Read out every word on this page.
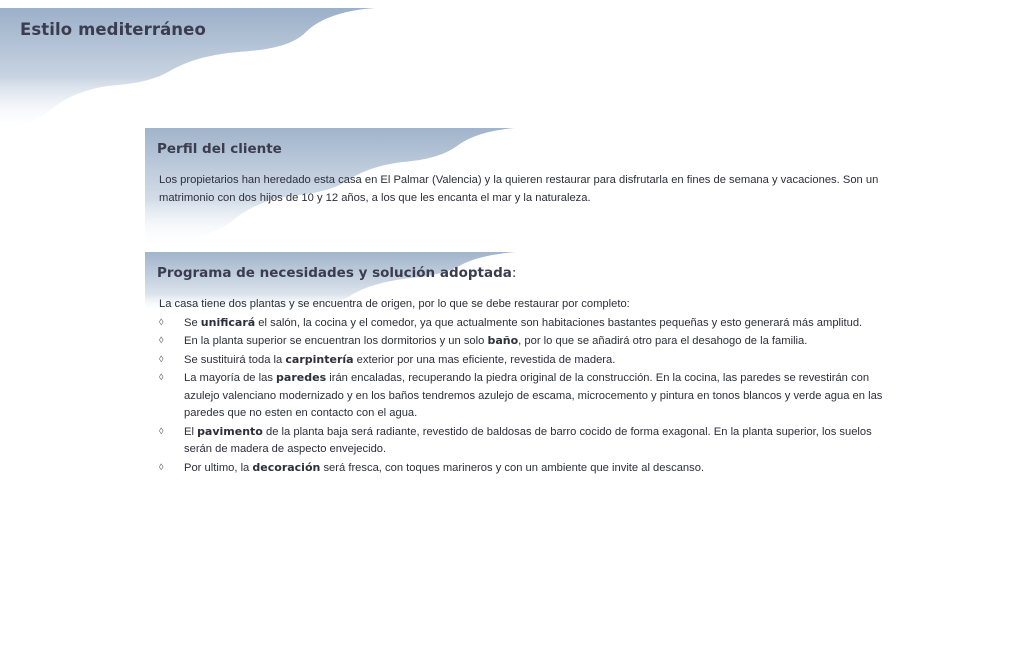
Estilo mediterráneo
Perfil del cliente

Los propietarios han heredado esta casa en El Palmar (Valencia) y la quieren restaurar para disfrutarla en fines de semana y vacaciones. Son un matrimonio con dos hijos de 10 y 12 años, a los que les encanta el mar y la naturaleza.

Programa de necesidades y solución adoptada:

La casa tiene dos plantas y se encuentra de origen, por lo que se debe restaurar por completo:

◊ Se unificará el salón, la cocina y el comedor, ya que actualmente son habitaciones bastantes pequeñas y esto generará más amplitud.
◊ En la planta superior se encuentran los dormitorios y un solo baño, por lo que se añadirá otro para el desahogo de la familia.
◊ Se sustituirá toda la carpintería exterior por una mas eficiente, revestida de madera.
◊ La mayoría de las paredes irán encaladas, recuperando la piedra original de la construcción. En la cocina, las paredes se revestirán con azulejo valenciano modernizado y en los baños tendremos azulejo de escama, microcemento y pintura en tonos blancos y verde agua en las paredes que no esten en contacto con el agua.
◊ El pavimento de la planta baja será radiante, revestido de baldosas de barro cocido de forma exagonal. En la planta superior, los suelos serán de madera de aspecto envejecido.
◊ Por ultimo, la decoración será fresca, con toques marineros y con un ambiente que invite al descanso.
